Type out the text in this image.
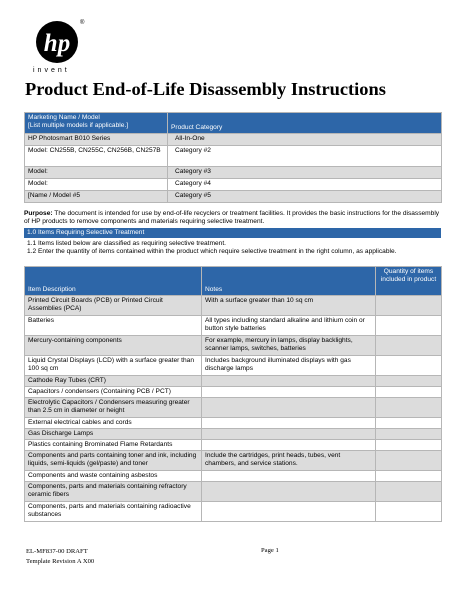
hp
®
invent
Product End-of-Life Disassembly Instructions
Marketing Name / Model
[List multiple models if applicable.]	Product Category
HP Photosmart B010 Series	All-In-One
Model: CN255B, CN255C, CN256B, CN257B	Category #2
Model:	Category #3
Model:	Category #4
[Name / Model #5	Category #5

Purpose: The document is intended for use by end-of-life recyclers or treatment facilities. It provides the basic instructions for the disassembly of HP products to remove components and materials requiring selective treatment.

1.0 Items Requiring Selective Treatment
1.1 Items listed below are classified as requiring selective treatment.
1.2 Enter the quantity of items contained within the product which require selective treatment in the right column, as applicable.
Item Description	Notes	Quantity of items included in product
Printed Circuit Boards (PCB) or Printed Circuit Assemblies (PCA)	With a surface greater than 10 sq cm	
Batteries	All types including standard alkaline and lithium coin or button style batteries	
Mercury-containing components	For example, mercury in lamps, display backlights, scanner lamps, switches, batteries	
Liquid Crystal Displays (LCD) with a surface greater than 100 sq cm	Includes background illuminated displays with gas discharge lamps	
Cathode Ray Tubes (CRT)		
Capacitors / condensers (Containing PCB / PCT)		
Electrolytic Capacitors / Condensers measuring greater than 2.5 cm in diameter or height		
External electrical cables and cords		
Gas Discharge Lamps		
Plastics containing Brominated Flame Retardants		
Components and parts containing toner and ink, including liquids, semi-liquids (gel/paste) and toner	Include the cartridges, print heads, tubes, vent chambers, and service stations.	
Components and waste containing asbestos		
Components, parts and materials containing refractory ceramic fibers		
Components, parts and materials containing radioactive substances		
EL-MF837-00 DRAFT
Template Revision A X00
Page 1
